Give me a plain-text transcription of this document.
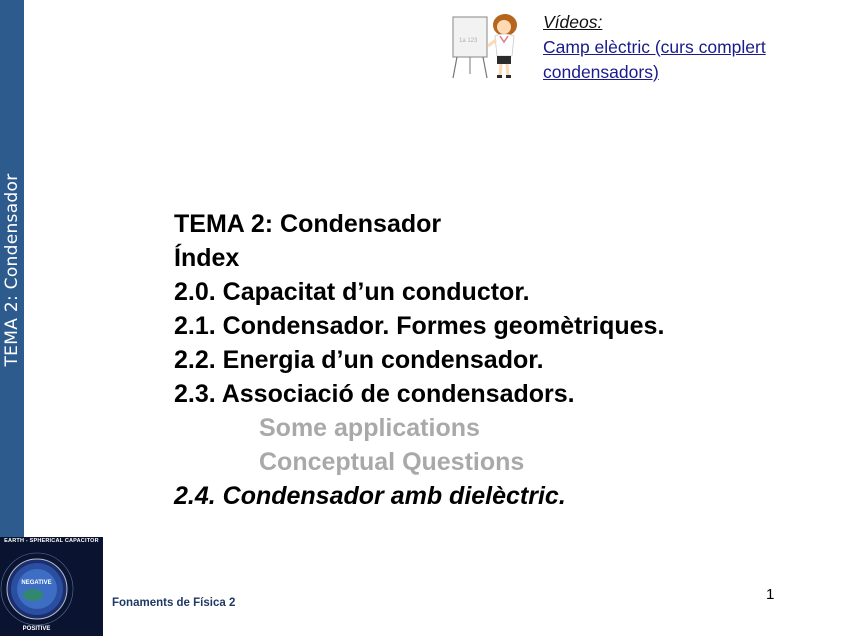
TEMA 2: Condensador
1a 123
Vídeos:
Camp elèctric (curs complert
condensadors)
TEMA 2: Condensador
Índex
2.0. Capacitat d’un conductor.
2.1. Condensador. Formes geomètriques.
2.2. Energia d’un condensador.
2.3. Associació de condensadors.
Some applications
Conceptual Questions
2.4. Condensador amb dielèctric.
EARTH - SPHERICAL CAPACITOR
NEGATIVE
POSITIVE
Fonaments de Física 2	1
